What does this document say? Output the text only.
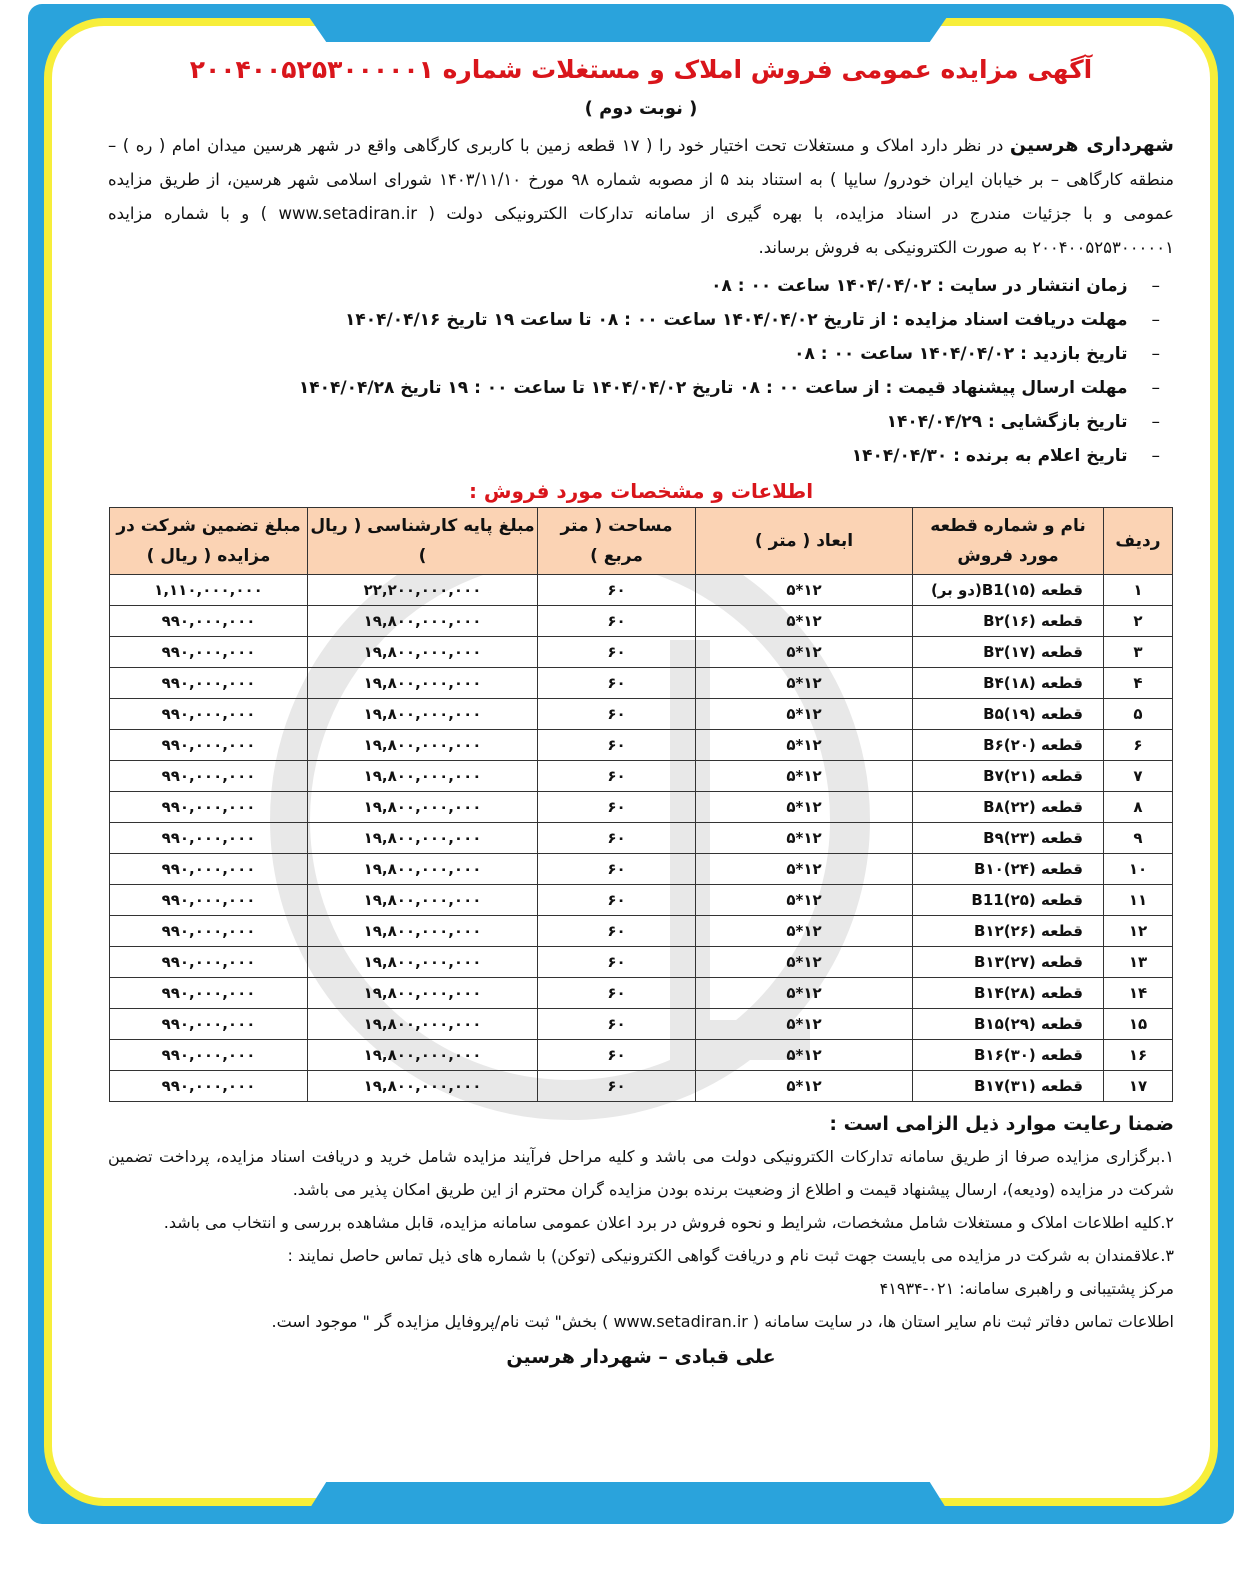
آگهی مزایده عمومی فروش املاک و مستغلات شماره ۲۰۰۴۰۰۵۲۵۳۰۰۰۰۰۱
( نوبت دوم )

شهرداری هرسین در نظر دارد املاک و مستغلات تحت اختیار خود را ( ۱۷ قطعه زمین با کاربری کارگاهی واقع در شهر هرسین میدان امام ( ره ) – منطقه کارگاهی – بر خیابان ایران خودرو/ سایپا ) به استناد بند ۵ از مصوبه شماره ۹۸ مورخ ۱۴۰۳/۱۱/۱۰ شورای اسلامی شهر هرسین، از طریق مزایده عمومی و با جزئیات مندرج در اسناد مزایده، با بهره گیری از سامانه تدارکات الکترونیکی دولت ( www.setadiran.ir ) و با شماره مزایده ۲۰۰۴۰۰۵۲۵۳۰۰۰۰۰۱ به صورت الکترونیکی به فروش برساند.

– زمان انتشار در سایت : ۱۴۰۴/۰۴/۰۲ ساعت ۰۰ : ۰۸
– مهلت دریافت اسناد مزایده : از تاریخ ۱۴۰۴/۰۴/۰۲ ساعت ۰۰ : ۰۸ تا ساعت ۱۹ تاریخ ۱۴۰۴/۰۴/۱۶
– تاریخ بازدید : ۱۴۰۴/۰۴/۰۲ ساعت ۰۰ : ۰۸
– مهلت ارسال پیشنهاد قیمت : از ساعت ۰۰ : ۰۸ تاریخ ۱۴۰۴/۰۴/۰۲ تا ساعت ۰۰ : ۱۹ تاریخ ۱۴۰۴/۰۴/۲۸
– تاریخ بازگشایی : ۱۴۰۴/۰۴/۲۹
– تاریخ اعلام به برنده : ۱۴۰۴/۰۴/۳۰
اطلاعات و مشخصات مورد فروش :
ردیف	نام و شماره قطعه مورد فروش	ابعاد ( متر )	مساحت ( متر مربع )	مبلغ پایه کارشناسی ( ریال )	مبلغ تضمین شرکت در مزایده ( ریال )
۱	قطعه B1(۱۵)(دو بر)	۱۲*۵	۶۰	۲۲,۲۰۰,۰۰۰,۰۰۰	۱,۱۱۰,۰۰۰,۰۰۰
۲	قطعه B۲(۱۶)	۱۲*۵	۶۰	۱۹,۸۰۰,۰۰۰,۰۰۰	۹۹۰,۰۰۰,۰۰۰
۳	قطعه B۳(۱۷)	۱۲*۵	۶۰	۱۹,۸۰۰,۰۰۰,۰۰۰	۹۹۰,۰۰۰,۰۰۰
۴	قطعه B۴(۱۸)	۱۲*۵	۶۰	۱۹,۸۰۰,۰۰۰,۰۰۰	۹۹۰,۰۰۰,۰۰۰
۵	قطعه B۵(۱۹)	۱۲*۵	۶۰	۱۹,۸۰۰,۰۰۰,۰۰۰	۹۹۰,۰۰۰,۰۰۰
۶	قطعه B۶(۲۰)	۱۲*۵	۶۰	۱۹,۸۰۰,۰۰۰,۰۰۰	۹۹۰,۰۰۰,۰۰۰
۷	قطعه B۷(۲۱)	۱۲*۵	۶۰	۱۹,۸۰۰,۰۰۰,۰۰۰	۹۹۰,۰۰۰,۰۰۰
۸	قطعه B۸(۲۲)	۱۲*۵	۶۰	۱۹,۸۰۰,۰۰۰,۰۰۰	۹۹۰,۰۰۰,۰۰۰
۹	قطعه B۹(۲۳)	۱۲*۵	۶۰	۱۹,۸۰۰,۰۰۰,۰۰۰	۹۹۰,۰۰۰,۰۰۰
۱۰	قطعه B۱۰(۲۴)	۱۲*۵	۶۰	۱۹,۸۰۰,۰۰۰,۰۰۰	۹۹۰,۰۰۰,۰۰۰
۱۱	قطعه B11(۲۵)	۱۲*۵	۶۰	۱۹,۸۰۰,۰۰۰,۰۰۰	۹۹۰,۰۰۰,۰۰۰
۱۲	قطعه B۱۲(۲۶)	۱۲*۵	۶۰	۱۹,۸۰۰,۰۰۰,۰۰۰	۹۹۰,۰۰۰,۰۰۰
۱۳	قطعه B۱۳(۲۷)	۱۲*۵	۶۰	۱۹,۸۰۰,۰۰۰,۰۰۰	۹۹۰,۰۰۰,۰۰۰
۱۴	قطعه B۱۴(۲۸)	۱۲*۵	۶۰	۱۹,۸۰۰,۰۰۰,۰۰۰	۹۹۰,۰۰۰,۰۰۰
۱۵	قطعه B۱۵(۲۹)	۱۲*۵	۶۰	۱۹,۸۰۰,۰۰۰,۰۰۰	۹۹۰,۰۰۰,۰۰۰
۱۶	قطعه B۱۶(۳۰)	۱۲*۵	۶۰	۱۹,۸۰۰,۰۰۰,۰۰۰	۹۹۰,۰۰۰,۰۰۰
۱۷	قطعه B۱۷(۳۱)	۱۲*۵	۶۰	۱۹,۸۰۰,۰۰۰,۰۰۰	۹۹۰,۰۰۰,۰۰۰
ضمنا رعایت موارد ذیل الزامی است :

۱.برگزاری مزایده صرفا از طریق سامانه تدارکات الکترونیکی دولت می باشد و کلیه مراحل فرآیند مزایده شامل خرید و دریافت اسناد مزایده، پرداخت تضمین شرکت در مزایده (ودیعه)، ارسال پیشنهاد قیمت و اطلاع از وضعیت برنده بودن مزایده گران محترم از این طریق امکان پذیر می باشد.

۲.کلیه اطلاعات املاک و مستغلات شامل مشخصات، شرایط و نحوه فروش در برد اعلان عمومی سامانه مزایده، قابل مشاهده بررسی و انتخاب می باشد.

۳.علاقمندان به شرکت در مزایده می بایست جهت ثبت نام و دریافت گواهی الکترونیکی (توکن) با شماره های ذیل تماس حاصل نمایند :

مرکز پشتیبانی و راهبری سامانه: ۰۲۱-۴۱۹۳۴

اطلاعات تماس دفاتر ثبت نام سایر استان ها، در سایت سامانه ( www.setadiran.ir ) بخش" ثبت نام/پروفایل مزایده گر " موجود است.

علی قبادی – شهردار هرسین
